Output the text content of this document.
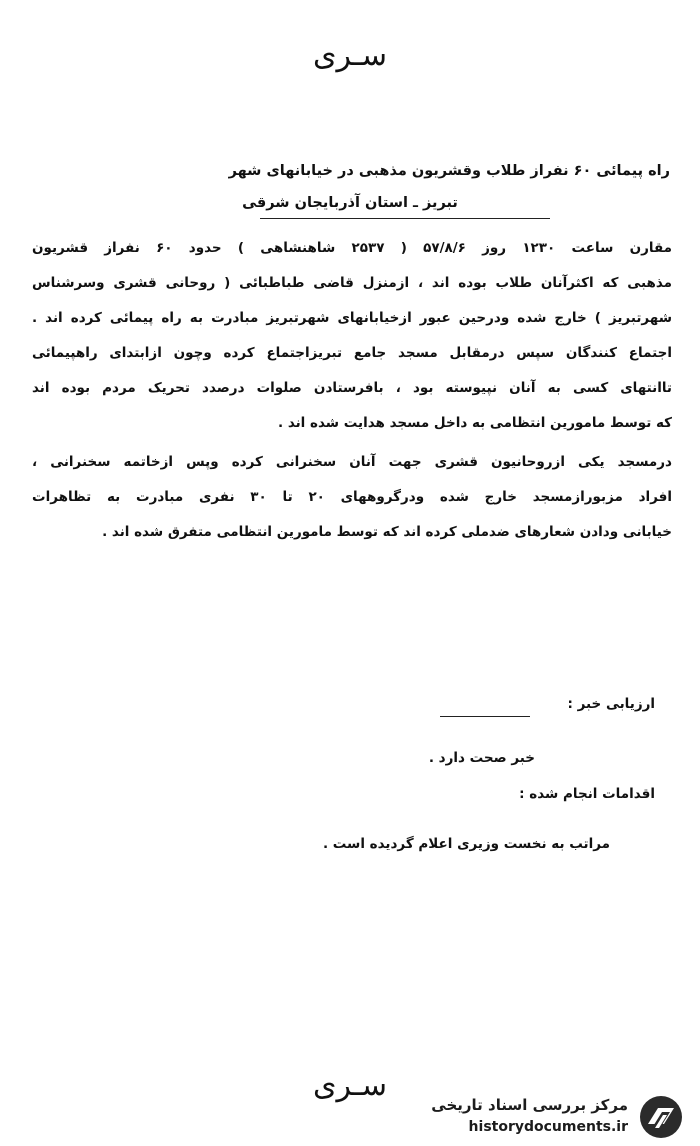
سـرى
راه پیمائی ۶۰ نفراز طلاب وقشریون مذهبی در خیابانهای شهر
تبریز ـ استان آذربایجان شرقی
مقارن ساعت ۱۲۳۰ روز ۵۷/۸/۶ ( ۲۵۳۷ شاهنشاهی ) حدود ۶۰ نفراز قشریون
مذهبی که اکثرآنان طلاب بوده اند ، ازمنزل قاضی طباطبائی ( روحانی قشری وسرشناس
شهرتبریز ) خارج شده ودرحین عبور ازخیابانهای شهرتبریز مبادرت به راه پیمائی کرده اند .
اجتماع کنندگان سپس درمقابل مسجد جامع تبریزاجتماع کرده وچون ازابتدای راهپیمائی
تاانتهای کسی به آنان نپیوسته بود ، بافرستادن صلوات درصدد تحریک مردم بوده اند
که توسط مامورین انتظامی به داخل مسجد هدایت شده اند .
درمسجد یکی ازروحانیون قشری جهت آنان سخنرانی کرده وپس ازخاتمه سخنرانی ،
افراد مزبورازمسجد خارج شده ودرگروههای ۲۰ تا ۳۰ نفری مبادرت به تظاهرات
خیابانی ودادن شعارهای ضدملی کرده اند که توسط مامورین انتظامی متفرق شده اند .
ارزیابی خبر :
خبر صحت دارد .
اقدامات انجام شده :
مراتب به نخست وزیری اعلام گردیده است .
سـرى
مرکز بررسی اسناد تاریخی
historydocuments.ir
